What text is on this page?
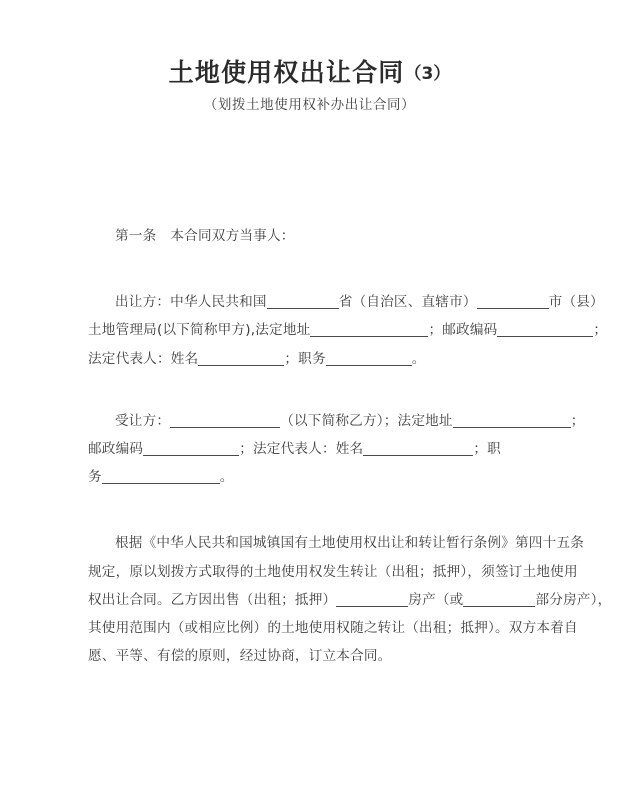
土地使用权出让合同（3）
（划拨土地使用权补办出让合同）
第一条 本合同双方当事人：
出让方：中华人民共和国	省（自治区、直辖市）	市（县）
土地管理局(以下简称甲方),法定地址	；邮政编码	；
法定代表人：姓名	；职务	。
受让方：	（以下简称乙方）；法定地址	；
邮政编码	；法定代表人：姓名	；职
务	。
根据《中华人民共和国城镇国有土地使用权出让和转让暂行条例》第四十五条
规定，原以划拨方式取得的土地使用权发生转让（出租；抵押），须签订土地使用
权出让合同。乙方因出售（出租；抵押）	房产（或	部分房产），
其使用范围内（或相应比例）的土地使用权随之转让（出租；抵押）。双方本着自
愿、平等、有偿的原则，经过协商，订立本合同。
